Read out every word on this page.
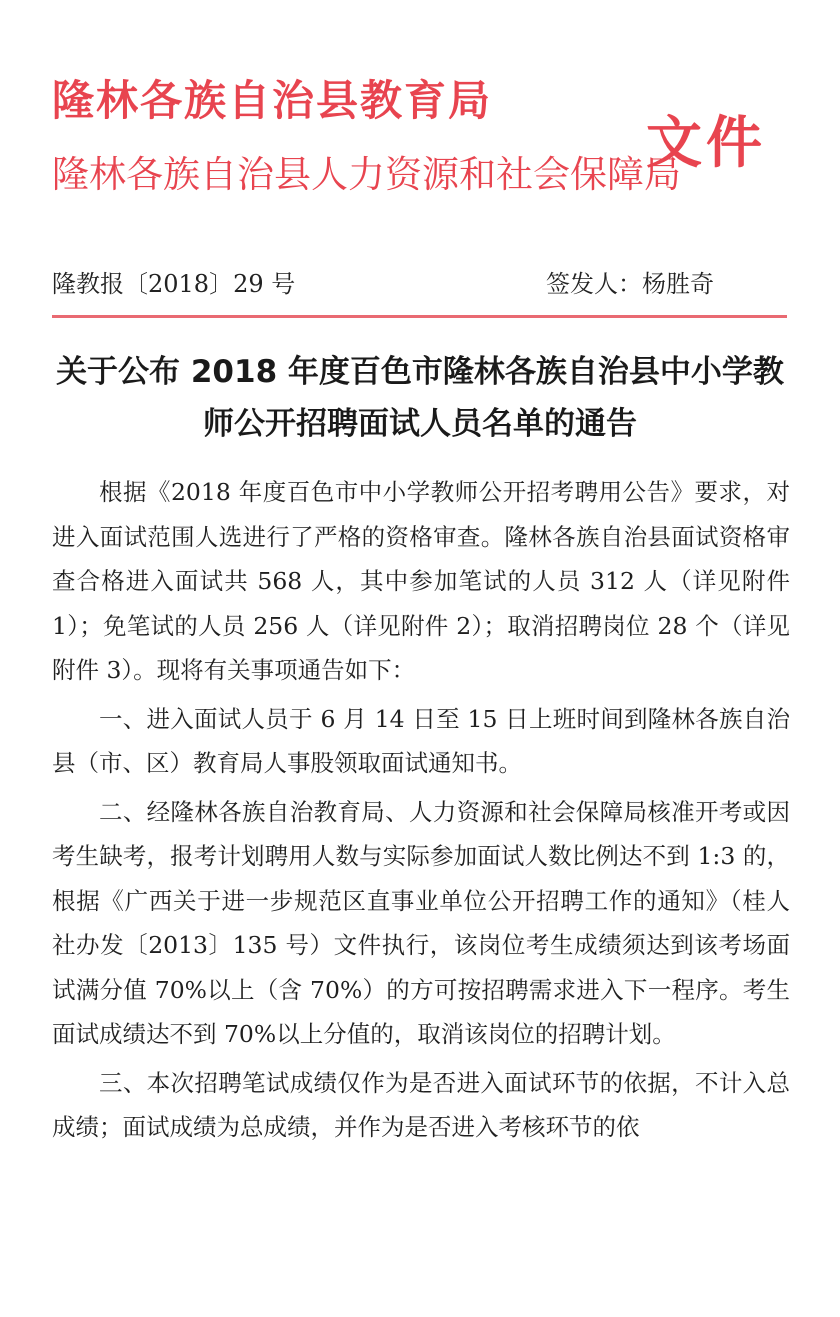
隆林各族自治县教育局
隆林各族自治县人力资源和社会保障局
文件
隆教报〔2018〕29 号	签发人：杨胜奇
关于公布 2018 年度百色市隆林各族自治县中小学教师公开招聘面试人员名单的通告

根据《2018 年度百色市中小学教师公开招考聘用公告》要求，对进入面试范围人选进行了严格的资格审查。隆林各族自治县面试资格审查合格进入面试共 568 人，其中参加笔试的人员 312 人（详见附件 1）；免笔试的人员 256 人（详见附件 2）；取消招聘岗位 28 个（详见附件 3）。现将有关事项通告如下：

一、进入面试人员于 6 月 14 日至 15 日上班时间到隆林各族自治县（市、区）教育局人事股领取面试通知书。

二、经隆林各族自治教育局、人力资源和社会保障局核准开考或因考生缺考，报考计划聘用人数与实际参加面试人数比例达不到 1:3 的，根据《广西关于进一步规范区直事业单位公开招聘工作的通知》（桂人社办发〔2013〕135 号）文件执行，该岗位考生成绩须达到该考场面试满分值 70%以上（含 70%）的方可按招聘需求进入下一程序。考生面试成绩达不到 70%以上分值的，取消该岗位的招聘计划。

三、本次招聘笔试成绩仅作为是否进入面试环节的依据，不计入总成绩；面试成绩为总成绩，并作为是否进入考核环节的依
